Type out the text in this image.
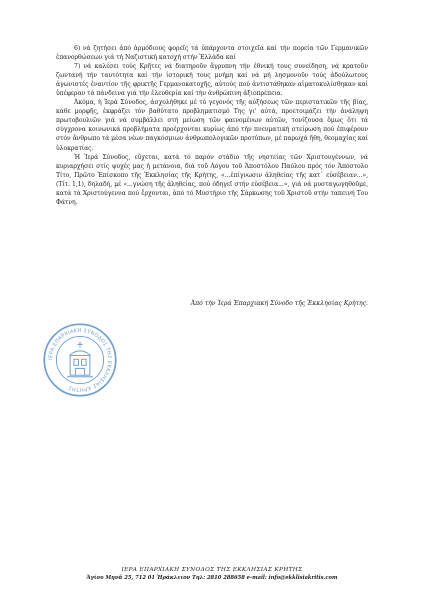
6) νά ζητήσει ἀπό ἁρμόδιους φορεῖς τά ὑπάρχοντα στοιχεῖα καί τήν πορεία τῶν Γερμανικῶν ἐπανορθώσεων γιά τή Ναζιστική κατοχή στήν Ἑλλάδα καί

7) νά καλέσει τούς Κρῆτες νά διατηροῦν ἄγρυπνη τήν ἐθνική τους συνείδηση, νά κρατοῦν ζωντανή τήν ταυτότητα καί τήν ἱστορική τους μνήμη καί νά μή λησμονοῦν τούς ἀδούλωτους ἀγωνιστές ἐναντίον τῆς φρικτῆς Γερμανοκατοχῆς, αὐτούς πού ἀντιστάθηκαν αἱματοκυλίσθηκαν καί ὑπέφεραν τά πάνδεινα γιά τήν ἐλευθερία καί τήν ἀνθρώπινη ἀξιοπρέπεια.

Ἀκόμα, ἡ Ἱερά Σύνοδος, ἀσχολήθηκε μέ τό γεγονός τῆς αὐξήσεως τῶν περιστατικῶν τῆς βίας, κάθε μορφῆς, ἐκφράζει τόν βαθύτατο προβληματισμό Της γι' αὐτά, προετοιμάζει τήν ἀνάληψη πρωτοβουλιῶν γιά νά συμβάλλει στή μείωση τῶν φαινομένων αὐτῶν, τονίζουσα ὅμως ὅτι τά σύγχρονα κοινωνικά προβλήματα προέρχονται κυρίως ἀπό τήν πνευματική στείρωση πού ἐπιφέρουν στόν ἄνθρωπο τά μέσα νέων παγκόσμιων ἀνθρωπολογικῶν προτύπων, μέ παρωχά ἤθη, θεομαχίας καί ὑλοκρατίας.

Ἡ Ἱερά Σύνοδος, εὔχεται, κατά τό παρόν στάδιο τῆς νηστείας τῶν Χριστουγέννων, νά κυριαρχήσει στίς ψυχές μας ἡ μετάνοια, διά τοῦ Λόγου τοῦ Ἀποστόλου Παύλου πρός τόν Ἀπόστολο Τίτο, Πρῶτο Ἐπίσκοπο τῆς Ἐκκλησίας τῆς Κρήτης, «...ἐπίγνωσιν ἀληθείας τῆς κατ᾽ εὐσέβειαν...», (Τίτ. 1,1), δηλαδή, μέ «...γνώση τῆς ἀληθείας, πού ὁδηγεῖ στήν εὐσέβεια...», γιά νά μυσταγωγηθοῦμε, κατά τά Χριστούγεννα πού ἔρχονται, ἀπό τό Μυστήριο τῆς Σάρκωσης τοῦ Χριστοῦ στήν ταπεινή Του Φάτνη.

Ἀπό τήν Ἱερά Ἐπαρχιακή Σύνοδο τῆς Ἐκκλησίας Κρήτης.
ΙΕΡΑ ΕΠΑΡΧΙΑΚΗ ΣΥΝΟΔΟΣ ΤΗΣ ΕΚΚΛΗΣΙΑΣ ΚΡΗΤΗΣ
ΙΕΡΑ ΕΠΑΡΧΙΑΚΗ ΣΥΝΟΔΟΣ ΤΗΣ ΕΚΚΛΗΣΙΑΣ ΚΡΗΤΗΣ
Ἁγίου Μηνᾶ 25, 712 01 Ἡράκλειον Τηλ: 2810 288658 e-mail: info@ekklisiakritis.com
